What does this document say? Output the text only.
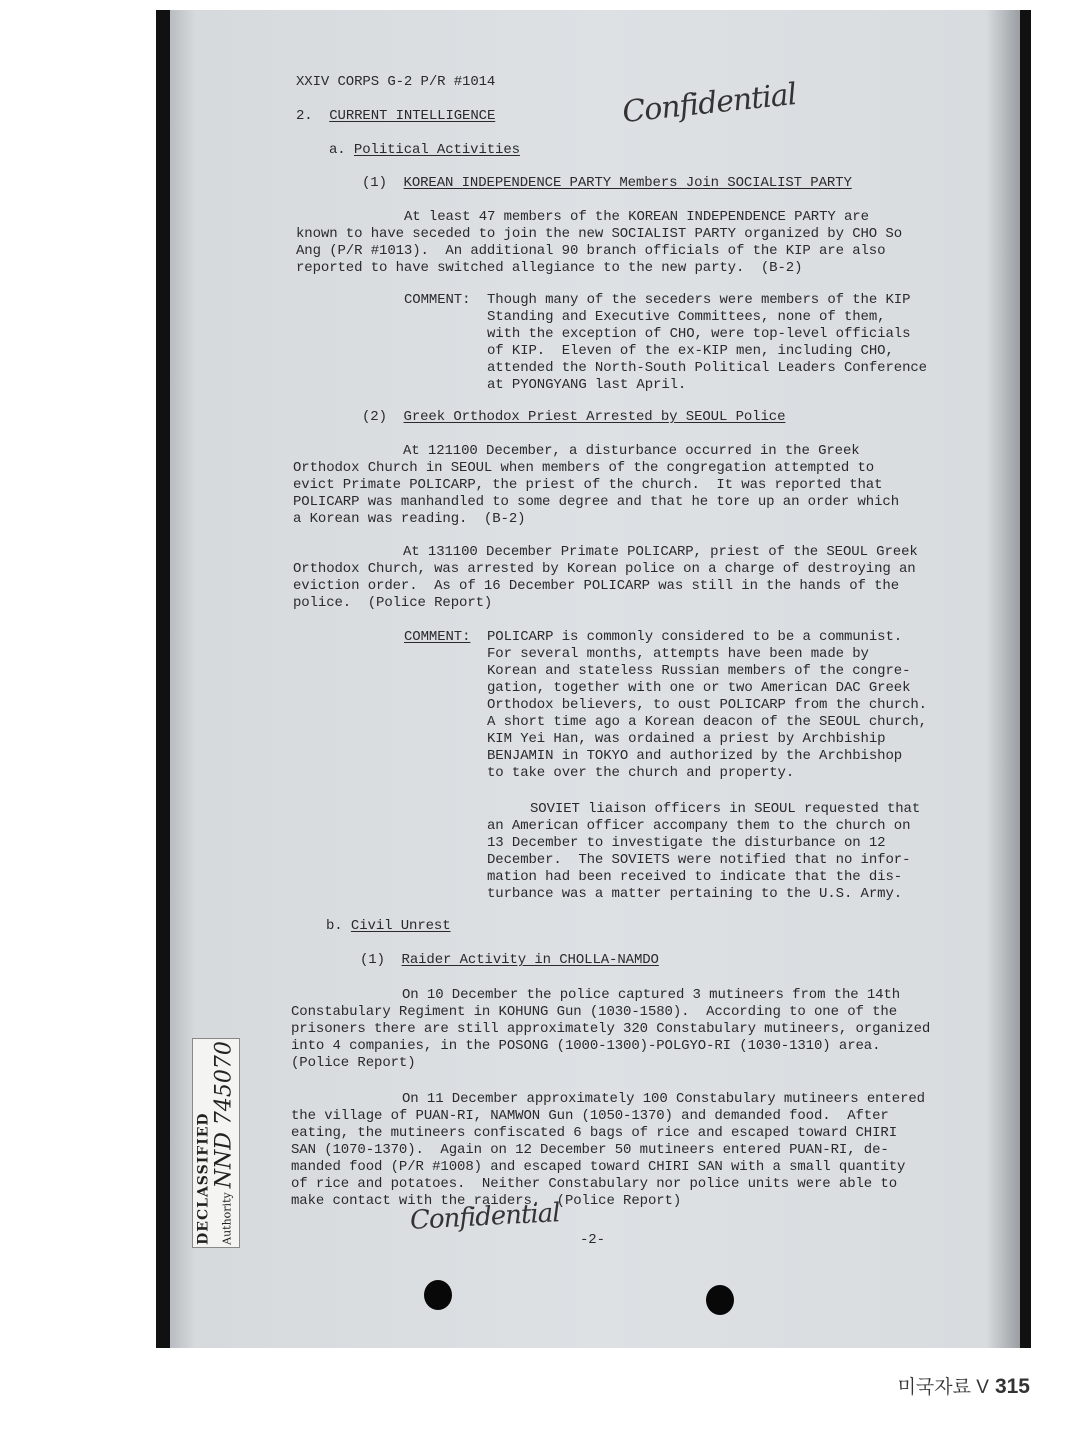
XXIV CORPS G-2 P/R #1014	Confidential
2. CURRENT INTELLIGENCE
a. Political Activities
(1) KOREAN INDEPENDENCE PARTY Members Join SOCIALIST PARTY
At least 47 members of the KOREAN INDEPENDENCE PARTY are
known to have seceded to join the new SOCIALIST PARTY organized by CHO So
Ang (P/R #1013).  An additional 90 branch officials of the KIP are also
reported to have switched allegiance to the new party.  (B-2)
COMMENT: Though many of the seceders were members of the KIP
Standing and Executive Committees, none of them,
with the exception of CHO, were top-level officials
of KIP.  Eleven of the ex-KIP men, including CHO,
attended the North-South Political Leaders Conference
at PYONGYANG last April.
(2) Greek Orthodox Priest Arrested by SEOUL Police
At 121100 December, a disturbance occurred in the Greek
Orthodox Church in SEOUL when members of the congregation attempted to
evict Primate POLICARP, the priest of the church.  It was reported that
POLICARP was manhandled to some degree and that he tore up an order which
a Korean was reading.  (B-2)
At 131100 December Primate POLICARP, priest of the SEOUL Greek
Orthodox Church, was arrested by Korean police on a charge of destroying an
eviction order.  As of 16 December POLICARP was still in the hands of the
police.  (Police Report)
COMMENT: POLICARP is commonly considered to be a communist.
For several months, attempts have been made by
Korean and stateless Russian members of the congre-
gation, together with one or two American DAC Greek
Orthodox believers, to oust POLICARP from the church.
A short time ago a Korean deacon of the SEOUL church,
KIM Yei Han, was ordained a priest by Archbiship
BENJAMIN in TOKYO and authorized by the Archbishop
to take over the church and property.
SOVIET liaison officers in SEOUL requested that
an American officer accompany them to the church on
13 December to investigate the disturbance on 12
December.  The SOVIETS were notified that no infor-
mation had been received to indicate that the dis-
turbance was a matter pertaining to the U.S. Army.
b. Civil Unrest
(1) Raider Activity in CHOLLA-NAMDO
On 10 December the police captured 3 mutineers from the 14th
Constabulary Regiment in KOHUNG Gun (1030-1580).  According to one of the
prisoners there are still approximately 320 Constabulary mutineers, organized
into 4 companies, in the POSONG (1000-1300)-POLGYO-RI (1030-1310) area.
(Police Report)
On 11 December approximately 100 Constabulary mutineers entered
the village of PUAN-RI, NAMWON Gun (1050-1370) and demanded food.  After
eating, the mutineers confiscated 6 bags of rice and escaped toward CHIRI
SAN (1070-1370).  Again on 12 December 50 mutineers entered PUAN-RI, de-
manded food (P/R #1008) and escaped toward CHIRI SAN with a small quantity
of rice and potatoes.  Neither Constabulary nor police units were able to
make contact with the raiders.  (Police Report)
Confidential
-2-
DECLASSIFIED AuthorityNND 745070
미국자료 V 315
